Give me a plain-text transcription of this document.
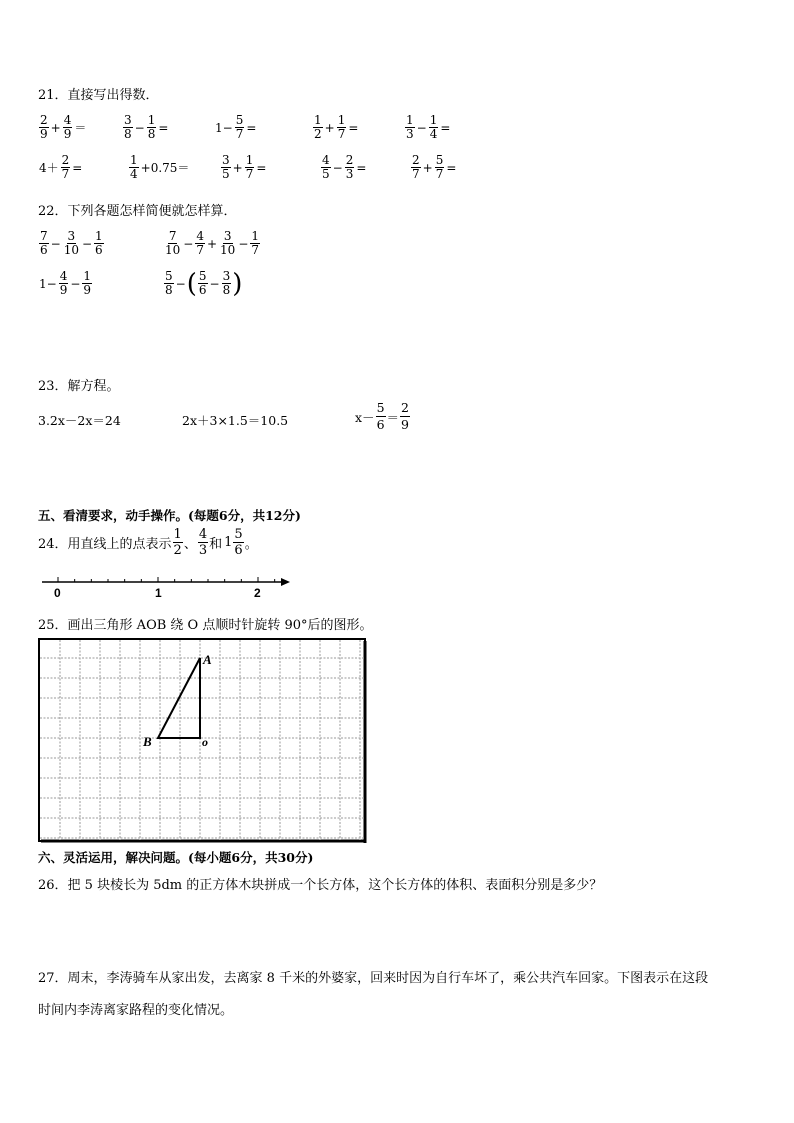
21．直接写出得数．
$\frac{2}{9} + \frac{4}{9}$ ＝	$\frac{3}{8} - \frac{1}{8}$ =	$1- \frac{5}{7}$ =	$\frac{1}{2} + \frac{1}{7}$ =	$\frac{1}{3} - \frac{1}{4}$ =
$4+ \frac{2}{7}$ =	$\frac{1}{4} +0.75=$	$\frac{3}{5} + \frac{1}{7}$ =	$\frac{4}{5} - \frac{2}{3}$ =	$\frac{2}{7} + \frac{5}{7}$ =
22．下列各题怎样简便就怎样算．
$\frac{7}{6} - \frac{3}{10} - \frac{1}{6}$	$\frac{7}{10} - \frac{4}{7} + \frac{3}{10} - \frac{1}{7}$
$1- \frac{4}{9} - \frac{1}{9}$	$\frac{5}{8}$ − ( $\frac{5}{6} - \frac{3}{8}$ )
23．解方程。
3.2x－2x＝24	2x＋3×1.5＝10.5	$x- \frac{5}{6} = \frac{2}{9}$
五、看清要求，动手操作。(每题6分，共12分)
24．用直线上的点表示 $\frac{1}{2}$ 、 $\frac{4}{3}$ 和 $1 \frac{5}{6}$ 。
0	1	2
25．画出三角形 AOB 绕 O 点顺时针旋转 90°后的图形。
A
B	o
六、灵活运用，解决问题。(每小题6分，共30分)
26．把 5 块棱长为 5dm 的正方体木块拼成一个长方体，这个长方体的体积、表面积分别是多少？
27．周末，李涛骑车从家出发，去离家 8 千米的外婆家，回来时因为自行车坏了，乘公共汽车回家。下图表示在这段
时间内李涛离家路程的变化情况。
